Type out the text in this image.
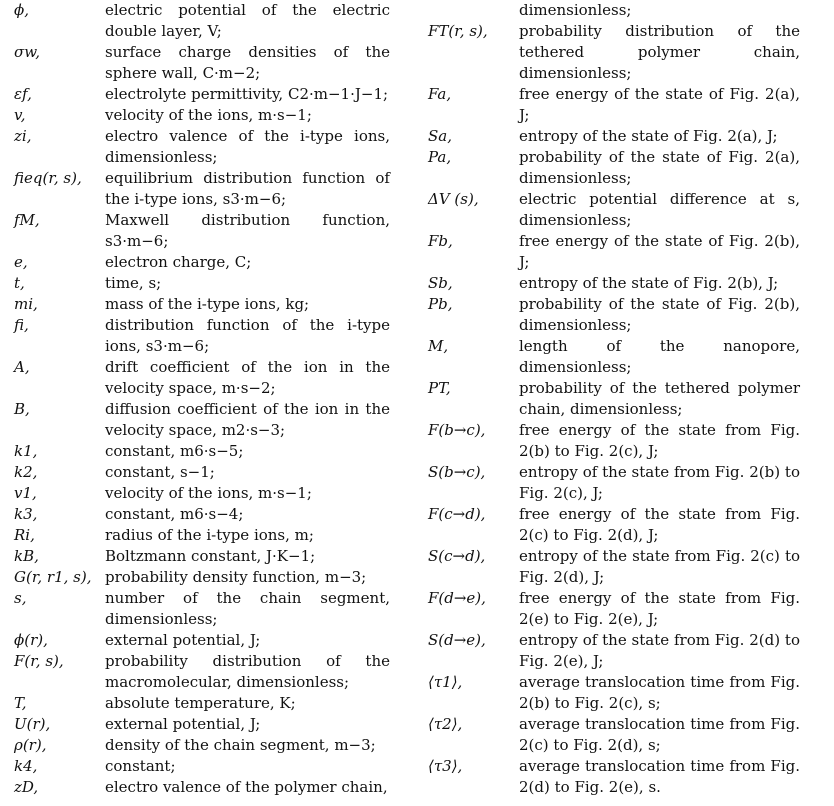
ϕ,	electric potential of the electric double layer, V;
σw,	surface charge densities of the sphere wall, C·m−2;
εf,	electrolyte permittivity, C2·m−1·J−1;
v,	velocity of the ions, m·s−1;
zi,	electro valence of the i-type ions, dimensionless;
fieq(r, s),	equilibrium distribution function of the i-type ions, s3·m−6;
fM,	Maxwell distribution function, s3·m−6;
e,	electron charge, C;
t,	time, s;
mi,	mass of the i-type ions, kg;
fi,	distribution function of the i-type ions, s3·m−6;
A,	drift coefficient of the ion in the velocity space, m·s−2;
B,	diffusion coefficient of the ion in the velocity space, m2·s−3;
k1,	constant, m6·s−5;
k2,	constant, s−1;
v1,	velocity of the ions, m·s−1;
k3,	constant, m6·s−4;
Ri,	radius of the i-type ions, m;
kB,	Boltzmann constant, J·K−1;
G(r, r1, s), probability density function, m−3;
s,	number of the chain segment, dimensionless;
ϕ(r),	external potential, J;
F(r, s),	probability distribution of the macromolecular, dimensionless;
T,	absolute temperature, K;
U(r),	external potential, J;
ρ(r),	density of the chain segment, m−3;
k4,	constant;
zD,	electro valence of the polymer chain,
dimensionless;
FT(r, s),	probability distribution of the tethered polymer chain, dimensionless;
Fa,	free energy of the state of Fig. 2(a), J;
Sa,	entropy of the state of Fig. 2(a), J;
Pa,	probability of the state of Fig. 2(a), dimensionless;
ΔV (s),	electric potential difference at s, dimensionless;
Fb,	free energy of the state of Fig. 2(b), J;
Sb,	entropy of the state of Fig. 2(b), J;
Pb,	probability of the state of Fig. 2(b), dimensionless;
M,	length of the nanopore, dimensionless;
PT,	probability of the tethered polymer chain, dimensionless;
F(b→c),	free energy of the state from Fig. 2(b) to Fig. 2(c), J;
S(b→c),	entropy of the state from Fig. 2(b) to Fig. 2(c), J;
F(c→d),	free energy of the state from Fig. 2(c) to Fig. 2(d), J;
S(c→d),	entropy of the state from Fig. 2(c) to Fig. 2(d), J;
F(d→e),	free energy of the state from Fig. 2(e) to Fig. 2(e), J;
S(d→e),	entropy of the state from Fig. 2(d) to Fig. 2(e), J;
⟨τ1⟩,	average translocation time from Fig. 2(b) to Fig. 2(c), s;
⟨τ2⟩,	average translocation time from Fig. 2(c) to Fig. 2(d), s;
⟨τ3⟩,	average translocation time from Fig. 2(d) to Fig. 2(e), s.
